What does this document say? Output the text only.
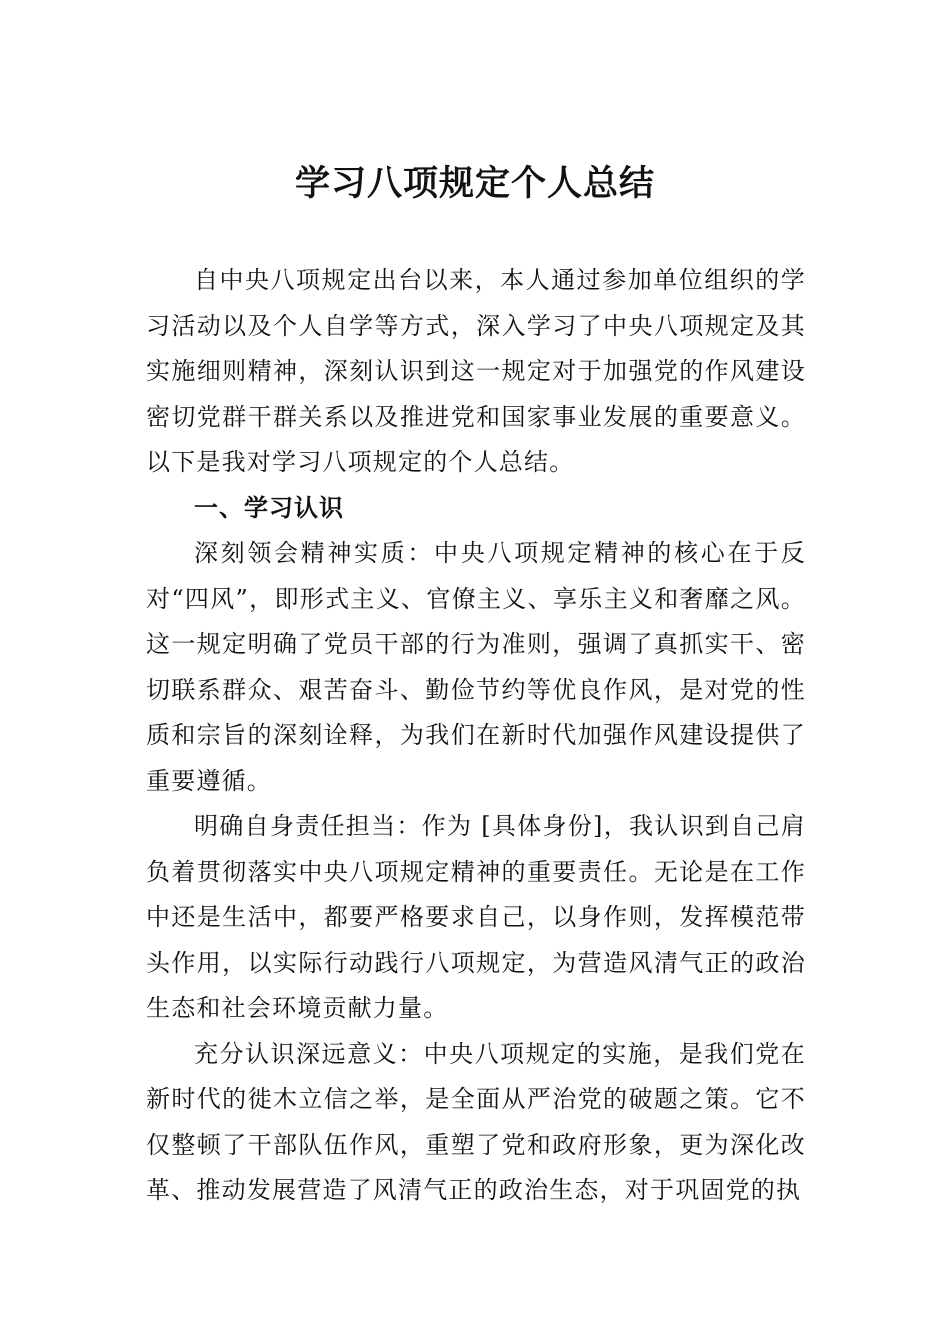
学习八项规定个人总结

自中央八项规定出台以来，本人通过参加单位组织的学习活动以及个人自学等方式，深入学习了中央八项规定及其实施细则精神，深刻认识到这一规定对于加强党的作风建设密切党群干群关系以及推进党和国家事业发展的重要意义。以下是我对学习八项规定的个人总结。

一、学习认识

深刻领会精神实质：中央八项规定精神的核心在于反对“四风”，即形式主义、官僚主义、享乐主义和奢靡之风。这一规定明确了党员干部的行为准则，强调了真抓实干、密切联系群众、艰苦奋斗、勤俭节约等优良作风，是对党的性质和宗旨的深刻诠释，为我们在新时代加强作风建设提供了重要遵循。

明确自身责任担当：作为 [具体身份]，我认识到自己肩负着贯彻落实中央八项规定精神的重要责任。无论是在工作中还是生活中，都要严格要求自己，以身作则，发挥模范带头作用，以实际行动践行八项规定，为营造风清气正的政治生态和社会环境贡献力量。

充分认识深远意义：中央八项规定的实施，是我们党在新时代的徙木立信之举，是全面从严治党的破题之策。它不仅整顿了干部队伍作风，重塑了党和政府形象，更为深化改革、推动发展营造了风清气正的政治生态，对于巩固党的执
